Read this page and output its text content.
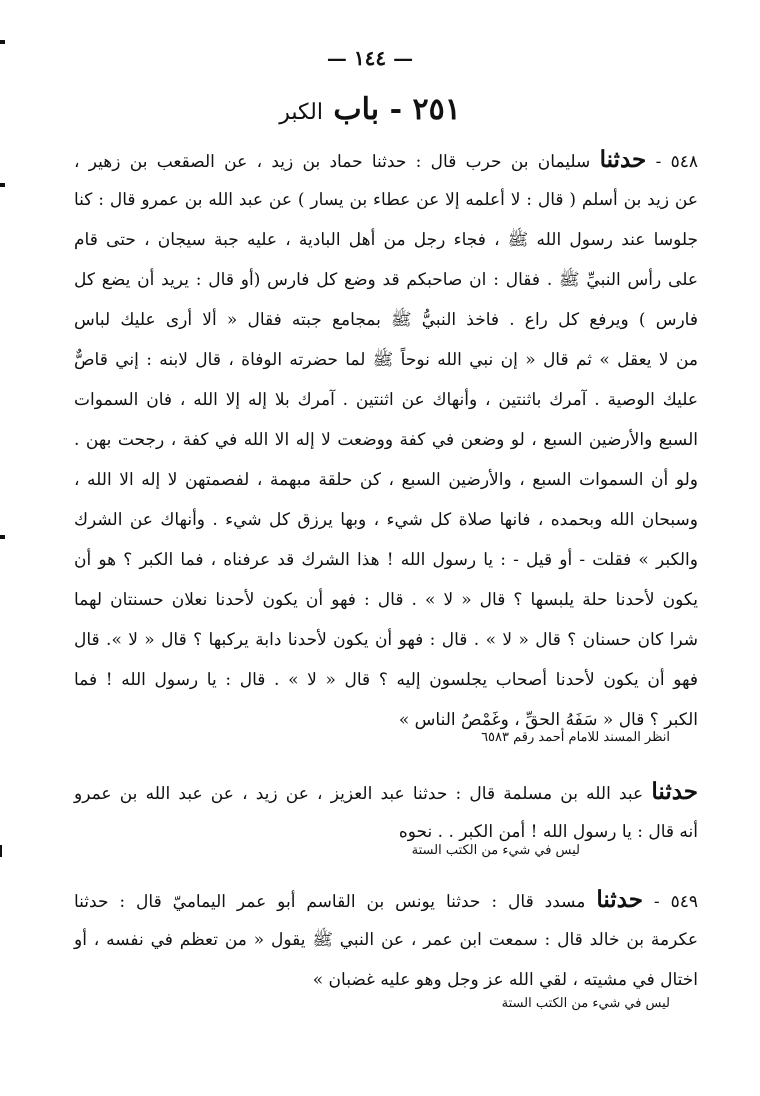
— ١٤٤ —
٢٥١ - باب الكبر
٥٤٨ - حدثنا سليمان بن حرب قال : حدثنا حماد بن زيد ، عن الصقعب بن زهير ،
عن زيد بن أسلم ( قال : لا أعلمه إلا عن عطاء بن يسار ) عن عبد الله بن عمرو قال : كنا
جلوسا عند رسول الله ﷺ ، فجاء رجل من أهل البادية ، عليه جبة سيجان ، حتى قام
على رأس النبيِّ ﷺ . فقال : ان صاحبكم قد وضع كل فارس (أو قال : يريد أن يضع كل
فارس ) ويرفع كل راع . فاخذ النبيُّ ﷺ بمجامع جبته فقال « ألا أرى عليك لباس
من لا يعقل » ثم قال « إن نبي الله نوحاً ﷺ لما حضرته الوفاة ، قال لابنه : إني قاصٌّ
عليك الوصية . آمرك باثنتين ، وأنهاك عن اثنتين . آمرك بلا إله إلا الله ، فان السموات
السبع والأرضين السبع ، لو وضعن في كفة ووضعت لا إله الا الله في كفة ، رجحت بهن .
ولو أن السموات السبع ، والأرضين السبع ، كن حلقة مبهمة ، لفصمتهن لا إله الا الله ،
وسبحان الله وبحمده ، فانها صلاة كل شيء ، وبها يرزق كل شيء . وأنهاك عن الشرك
والكبر » فقلت - أو قيل - : يا رسول الله ! هذا الشرك قد عرفناه ، فما الكبر ؟ هو أن
يكون لأحدنا حلة يلبسها ؟ قال « لا » . قال : فهو أن يكون لأحدنا نعلان حسنتان لهما
شرا كان حسنان ؟ قال « لا » . قال : فهو أن يكون لأحدنا دابة يركبها ؟ قال « لا ». قال
فهو أن يكون لأحدنا أصحاب يجلسون إليه ؟ قال « لا » . قال : يا رسول الله ! فما
الكبر ؟ قال « سَفَهُ الحقِّ ، وغَمْصُ الناس »
انظر المسند للامام أحمد رقم ٦٥٨٣
حدثنا عبد الله بن مسلمة قال : حدثنا عبد العزيز ، عن زيد ، عن عبد الله بن عمرو
أنه قال : يا رسول الله ! أمن الكبر . . نحوه
ليس في شيء من الكتب الستة
٥٤٩ - حدثنا مسدد قال : حدثنا يونس بن القاسم أبو عمر اليماميّ قال : حدثنا
عكرمة بن خالد قال : سمعت ابن عمر ، عن النبي ﷺ يقول « من تعظم في نفسه ، أو
اختال في مشيته ، لقي الله عز وجل وهو عليه غضبان »
ليس في شيء من الكتب الستة
